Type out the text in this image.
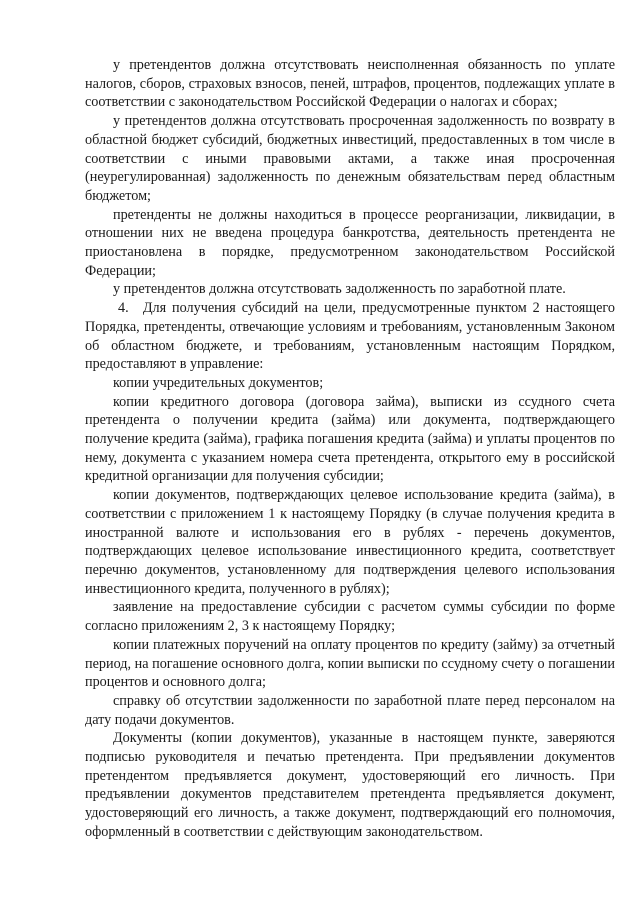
у претендентов должна отсутствовать неисполненная обязанность по уплате налогов, сборов, страховых взносов, пеней, штрафов, процентов, подлежащих уплате в соответствии с законодательством Российской Федерации о налогах и сборах;

у претендентов должна отсутствовать просроченная задолженность по возврату в областной бюджет субсидий, бюджетных инвестиций, предоставленных в том числе в соответствии с иными правовыми актами, а также иная просроченная (неурегулированная) задолженность по денежным обязательствам перед областным бюджетом;

претенденты не должны находиться в процессе реорганизации, ликвидации, в отношении них не введена процедура банкротства, деятельность претендента не приостановлена в порядке, предусмотренном законодательством Российской Федерации;

у претендентов должна отсутствовать задолженность по заработной плате.

4.  Для получения субсидий на цели, предусмотренные пунктом 2 настоящего Порядка, претенденты, отвечающие условиям и требованиям, установленным Законом об областном бюджете, и требованиям, установленным настоящим Порядком, предоставляют в управление:

копии учредительных документов;

копии кредитного договора (договора займа), выписки из ссудного счета претендента о получении кредита (займа) или документа, подтверждающего получение кредита (займа), графика погашения кредита (займа) и уплаты процентов по нему, документа с указанием номера счета претендента, открытого ему в российской кредитной организации для получения субсидии;

копии документов, подтверждающих целевое использование кредита (займа), в соответствии с приложением 1 к настоящему Порядку (в случае получения кредита в иностранной валюте и использования его в рублях - перечень документов, подтверждающих целевое использование инвестиционного кредита, соответствует перечню документов, установленному для подтверждения целевого использования инвестиционного кредита, полученного в рублях);

заявление на предоставление субсидии с расчетом суммы субсидии по форме согласно приложениям 2, 3 к настоящему Порядку;

копии платежных поручений на оплату процентов по кредиту (займу) за отчетный период, на погашение основного долга, копии выписки по ссудному счету о погашении процентов и основного долга;

справку об отсутствии задолженности по заработной плате перед персоналом на дату подачи документов.

Документы (копии документов), указанные в настоящем пункте, заверяются подписью руководителя и печатью претендента. При предъявлении документов претендентом предъявляется документ, удостоверяющий его личность. При предъявлении документов представителем претендента предъявляется документ, удостоверяющий его личность, а также документ, подтверждающий его полномочия, оформленный в соответствии с действующим законодательством.
